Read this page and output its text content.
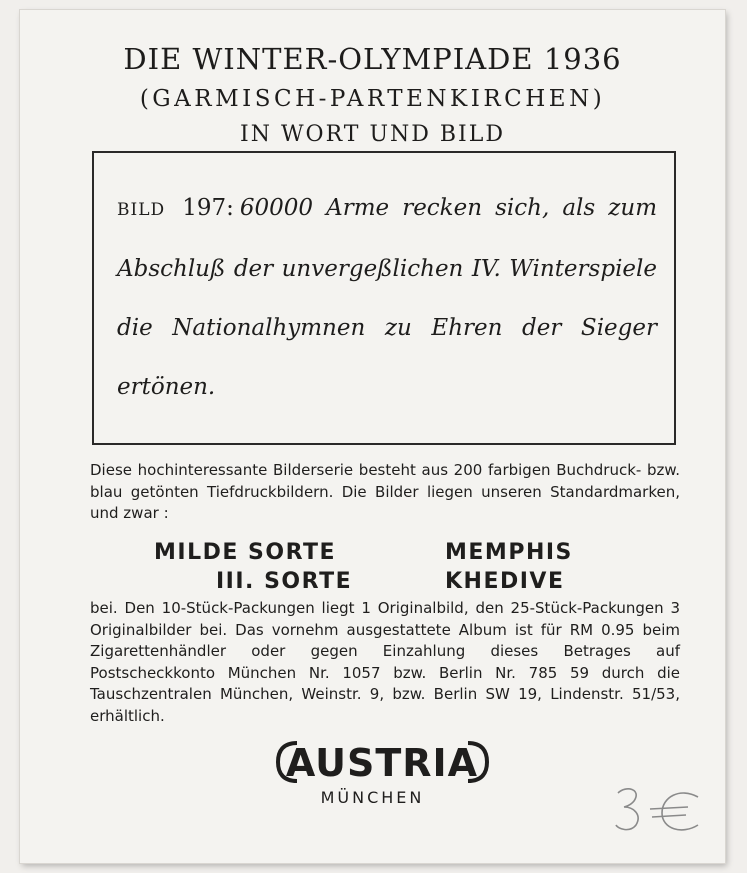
DIE WINTER-OLYMPIADE 1936
(GARMISCH-PARTENKIRCHEN)
IN WORT UND BILD
BILD 197: 60000 Arme recken sich, als zum Abschluß der unvergeßlichen IV. Winterspiele die Nationalhymnen zu Ehren der Sieger ertönen.
Diese hochinteressante Bilderserie besteht aus 200 farbigen Buchdruck- bzw. blau getönten Tiefdruckbildern. Die Bilder liegen unseren Standardmarken, und zwar :
MILDE SORTE	MEMPHIS
III. SORTE	KHEDIVE
bei. Den 10-Stück-Packungen liegt 1 Originalbild, den 25-Stück-Packungen 3 Originalbilder bei. Das vornehm ausgestattete Album ist für RM 0.95 beim Zigarettenhändler oder gegen Einzahlung dieses Betrages auf Postscheckkonto München Nr. 1057 bzw. Berlin Nr. 785 59 durch die Tauschzentralen München, Weinstr. 9, bzw. Berlin SW 19, Lindenstr. 51/53, erhältlich.
AUSTRIA
MÜNCHEN
